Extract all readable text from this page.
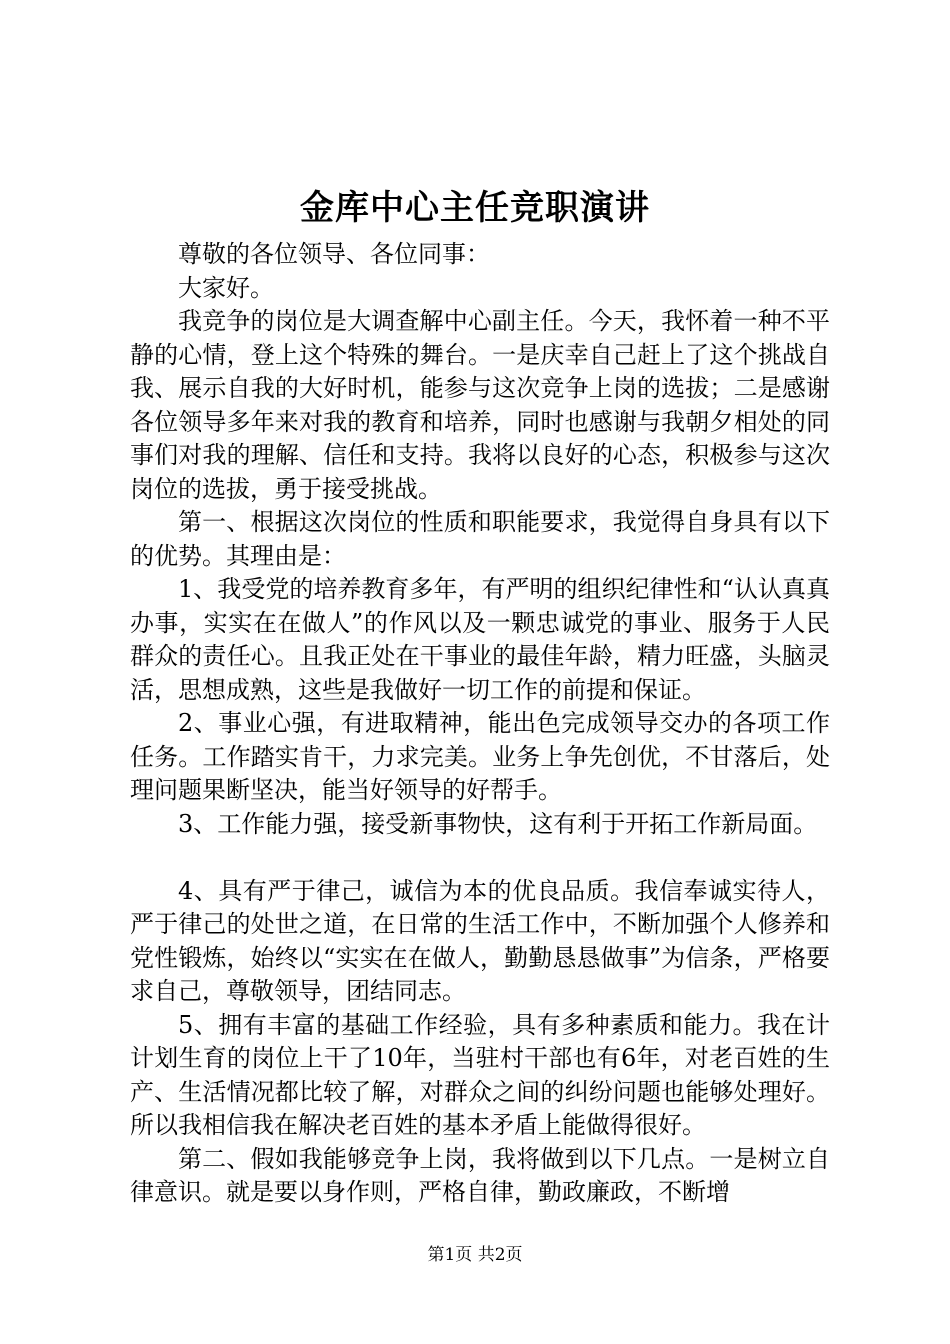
金库中心主任竞职演讲

尊敬的各位领导、各位同事：

大家好。

我竞争的岗位是大调查解中心副主任。今天，我怀着一种不平静的心情，登上这个特殊的舞台。一是庆幸自己赶上了这个挑战自我、展示自我的大好时机，能参与这次竞争上岗的选拔；二是感谢各位领导多年来对我的教育和培养，同时也感谢与我朝夕相处的同事们对我的理解、信任和支持。我将以良好的心态，积极参与这次岗位的选拔，勇于接受挑战。

第一、根据这次岗位的性质和职能要求，我觉得自身具有以下的优势。其理由是：

1、我受党的培养教育多年，有严明的组织纪律性和“认认真真办事，实实在在做人”的作风以及一颗忠诚党的事业、服务于人民群众的责任心。且我正处在干事业的最佳年龄，精力旺盛，头脑灵活，思想成熟，这些是我做好一切工作的前提和保证。

2、事业心强，有进取精神，能出色完成领导交办的各项工作任务。工作踏实肯干，力求完美。业务上争先创优，不甘落后，处理问题果断坚决，能当好领导的好帮手。

3、工作能力强，接受新事物快，这有利于开拓工作新局面。

4、具有严于律己，诚信为本的优良品质。我信奉诚实待人，严于律己的处世之道，在日常的生活工作中，不断加强个人修养和党性锻炼，始终以“实实在在做人，勤勤恳恳做事”为信条，严格要求自己，尊敬领导，团结同志。

5、拥有丰富的基础工作经验，具有多种素质和能力。我在计计划生育的岗位上干了10年，当驻村干部也有6年，对老百姓的生产、生活情况都比较了解，对群众之间的纠纷问题也能够处理好。所以我相信我在解决老百姓的基本矛盾上能做得很好。

第二、假如我能够竞争上岗，我将做到以下几点。一是树立自律意识。就是要以身作则，严格自律，勤政廉政，不断增

第1页 共2页
